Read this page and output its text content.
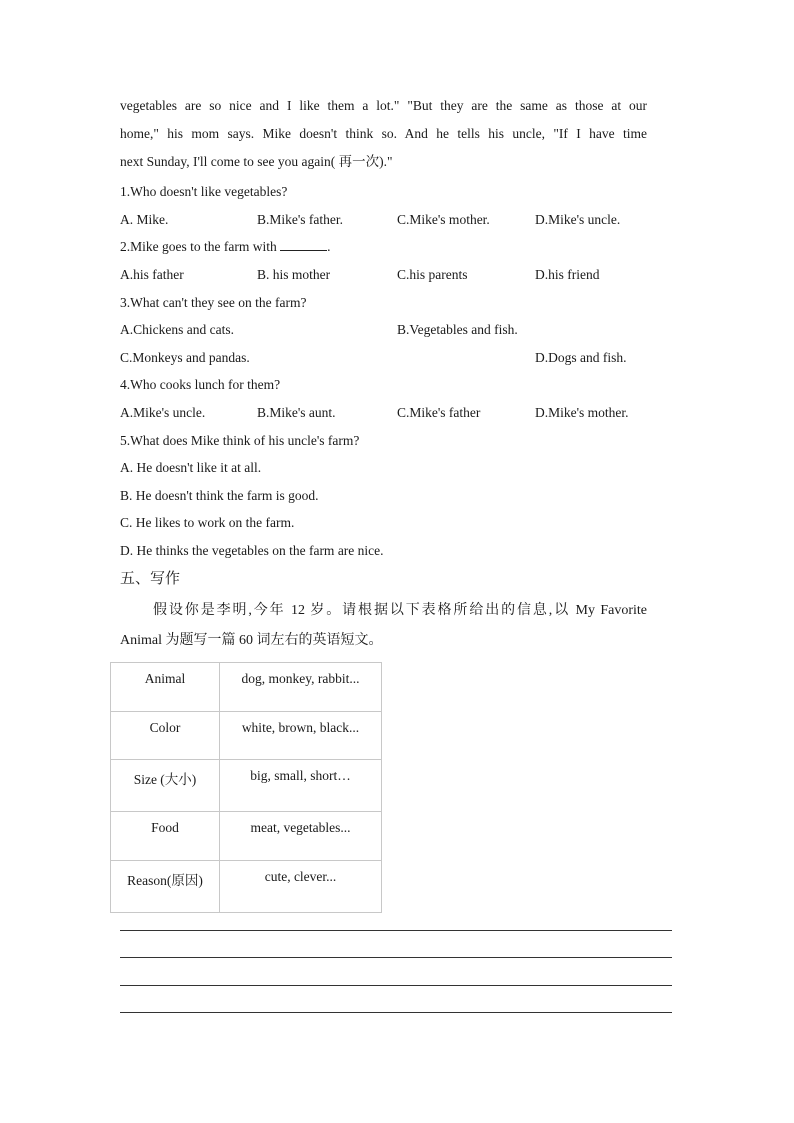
vegetables are so nice and I like them a lot." "But they are the same as those at our
home," his mom says. Mike doesn't think so. And he tells his uncle, "If I have time
next Sunday, I'll come to see you again( 再一次)."
1.Who doesn't like vegetables?
A. Mike.	B.Mike's father.	C.Mike's mother.	D.Mike's uncle.
2.Mike goes to the farm with	.
A.his father	B. his mother	C.his parents	D.his friend
3.What can't they see on the farm?
A.Chickens and cats.	B.Vegetables and fish.
C.Monkeys and pandas.	D.Dogs and fish.
4.Who cooks lunch for them?
A.Mike's uncle.	B.Mike's aunt.	C.Mike's father	D.Mike's mother.
5.What does Mike think of his uncle's farm?
A. He doesn't like it at all.
B. He doesn't think the farm is good.
C. He likes to work on the farm.
D. He thinks the vegetables on the farm are nice.
五、写作
假设你是李明,今年 12 岁。请根据以下表格所给出的信息,以 My Favorite
Animal 为题写一篇 60 词左右的英语短文。
Animal	dog, monkey, rabbit...
Color	white, brown, black...
Size (大小)	big, small, short…
Food	meat, vegetables...
Reason(原因)	cute, clever...
